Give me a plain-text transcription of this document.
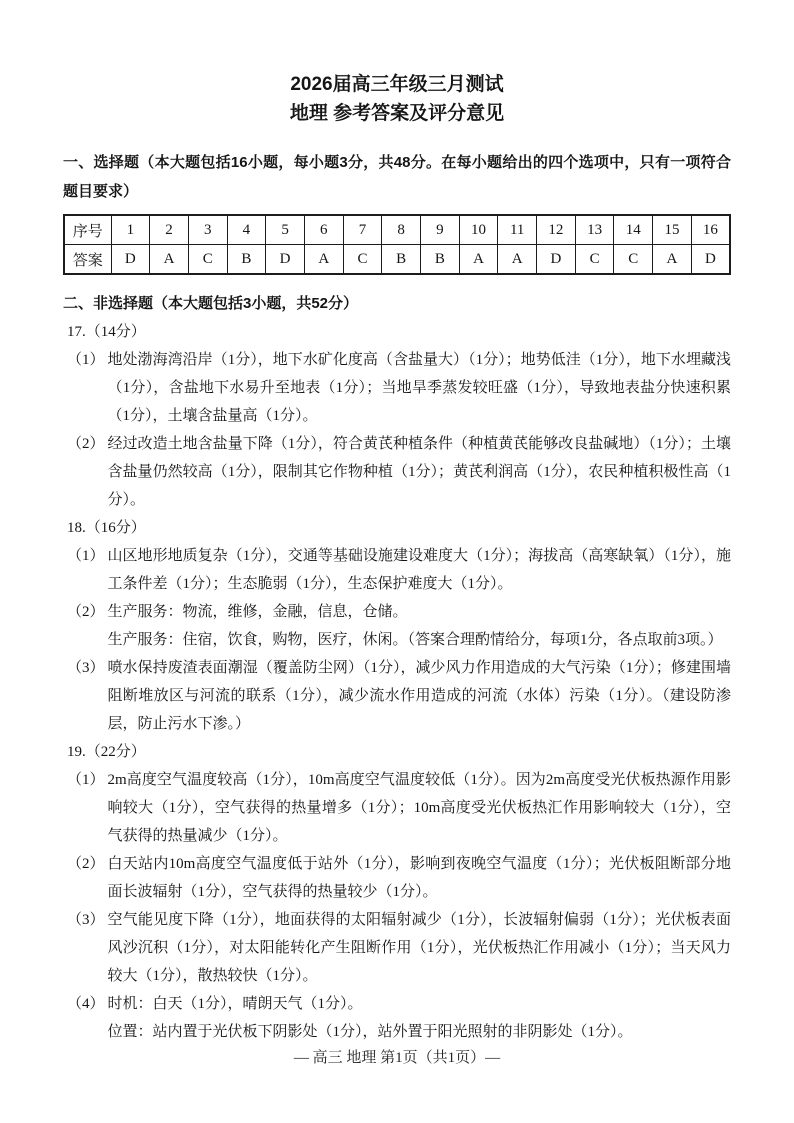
2026届高三年级三月测试
地理 参考答案及评分意见

一、选择题（本大题包括16小题，每小题3分，共48分。在每小题给出的四个选项中，只有一项符合题目要求）

序号	1	2	3	4	5	6	7	8	9	10	11	12	13	14	15	16
答案	D	A	C	B	D	A	C	B	B	A	A	D	C	C	A	D

二、非选择题（本大题包括3小题，共52分）

17.（14分）

（1） 地处渤海湾沿岸（1分），地下水矿化度高（含盐量大）（1分）；地势低洼（1分），地下水埋藏浅（1分），含盐地下水易升至地表（1分）；当地旱季蒸发较旺盛（1分），导致地表盐分快速积累（1分），土壤含盐量高（1分）。

（2） 经过改造土地含盐量下降（1分），符合黄芪种植条件（种植黄芪能够改良盐碱地）（1分）；土壤含盐量仍然较高（1分），限制其它作物种植（1分）；黄芪利润高（1分），农民种植积极性高（1分）。

18.（16分）

（1） 山区地形地质复杂（1分），交通等基础设施建设难度大（1分）；海拔高（高寒缺氧）（1分），施工条件差（1分）；生态脆弱（1分），生态保护难度大（1分）。

（2） 生产服务：物流，维修，金融，信息，仓储。

生产服务：住宿，饮食，购物，医疗，休闲。（答案合理酌情给分，每项1分，各点取前3项。）

（3） 喷水保持废渣表面潮湿（覆盖防尘网）（1分），减少风力作用造成的大气污染（1分）；修建围墙阻断堆放区与河流的联系（1分），减少流水作用造成的河流（水体）污染（1分）。（建设防渗层，防止污水下渗。）

19.（22分）

（1） 2m高度空气温度较高（1分），10m高度空气温度较低（1分）。因为2m高度受光伏板热源作用影响较大（1分），空气获得的热量增多（1分）；10m高度受光伏板热汇作用影响较大（1分），空气获得的热量减少（1分）。

（2） 白天站内10m高度空气温度低于站外（1分），影响到夜晚空气温度（1分）；光伏板阻断部分地面长波辐射（1分），空气获得的热量较少（1分）。

（3） 空气能见度下降（1分），地面获得的太阳辐射减少（1分），长波辐射偏弱（1分）；光伏板表面风沙沉积（1分），对太阳能转化产生阻断作用（1分），光伏板热汇作用减小（1分）；当天风力较大（1分），散热较快（1分）。

（4） 时机：白天（1分），晴朗天气（1分）。

位置：站内置于光伏板下阴影处（1分），站外置于阳光照射的非阴影处（1分）。

— 高三 地理 第1页（共1页）—
